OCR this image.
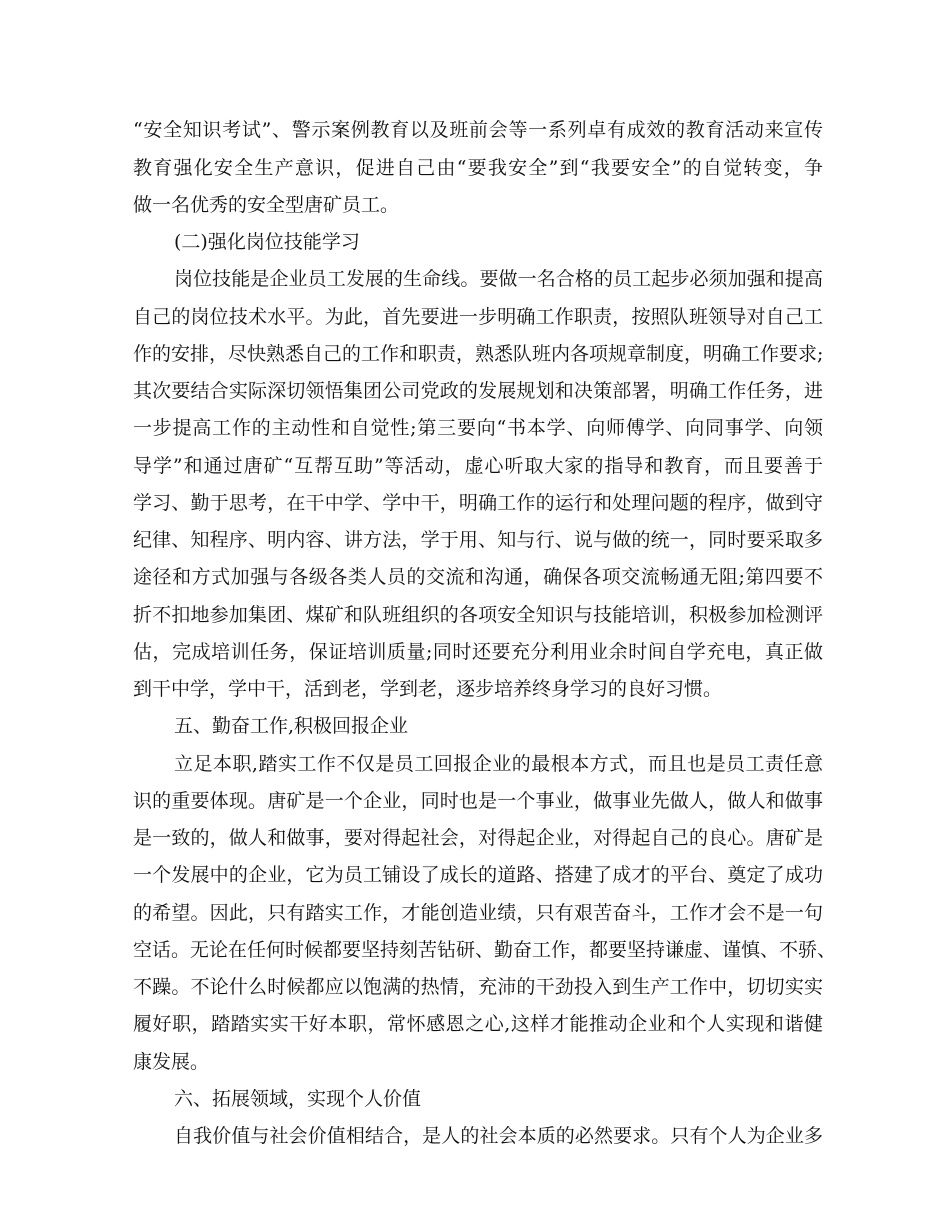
“安全知识考试”、警示案例教育以及班前会等一系列卓有成效的教育活动来宣传
教育强化安全生产意识，促进自己由“要我安全”到“我要安全”的自觉转变，争
做一名优秀的安全型唐矿员工。
(二)强化岗位技能学习
岗位技能是企业员工发展的生命线。要做一名合格的员工起步必须加强和提高
自己的岗位技术水平。为此，首先要进一步明确工作职责，按照队班领导对自己工
作的安排，尽快熟悉自己的工作和职责，熟悉队班内各项规章制度，明确工作要求;
其次要结合实际深切领悟集团公司党政的发展规划和决策部署，明确工作任务，进
一步提高工作的主动性和自觉性;第三要向“书本学、向师傅学、向同事学、向领
导学”和通过唐矿“互帮互助”等活动，虚心听取大家的指导和教育，而且要善于
学习、勤于思考，在干中学、学中干，明确工作的运行和处理问题的程序，做到守
纪律、知程序、明内容、讲方法，学于用、知与行、说与做的统一，同时要采取多
途径和方式加强与各级各类人员的交流和沟通，确保各项交流畅通无阻;第四要不
折不扣地参加集团、煤矿和队班组织的各项安全知识与技能培训，积极参加检测评
估，完成培训任务，保证培训质量;同时还要充分利用业余时间自学充电，真正做
到干中学，学中干，活到老，学到老，逐步培养终身学习的良好习惯。
五、勤奋工作,积极回报企业
立足本职,踏实工作不仅是员工回报企业的最根本方式，而且也是员工责任意
识的重要体现。唐矿是一个企业，同时也是一个事业，做事业先做人，做人和做事
是一致的，做人和做事，要对得起社会，对得起企业，对得起自己的良心。唐矿是
一个发展中的企业，它为员工铺设了成长的道路、搭建了成才的平台、奠定了成功
的希望。因此，只有踏实工作，才能创造业绩，只有艰苦奋斗，工作才会不是一句
空话。无论在任何时候都要坚持刻苦钻研、勤奋工作，都要坚持谦虚、谨慎、不骄、
不躁。不论什么时候都应以饱满的热情，充沛的干劲投入到生产工作中，切切实实
履好职，踏踏实实干好本职，常怀感恩之心,这样才能推动企业和个人实现和谐健
康发展。
六、拓展领域，实现个人价值
自我价值与社会价值相结合，是人的社会本质的必然要求。只有个人为企业多
